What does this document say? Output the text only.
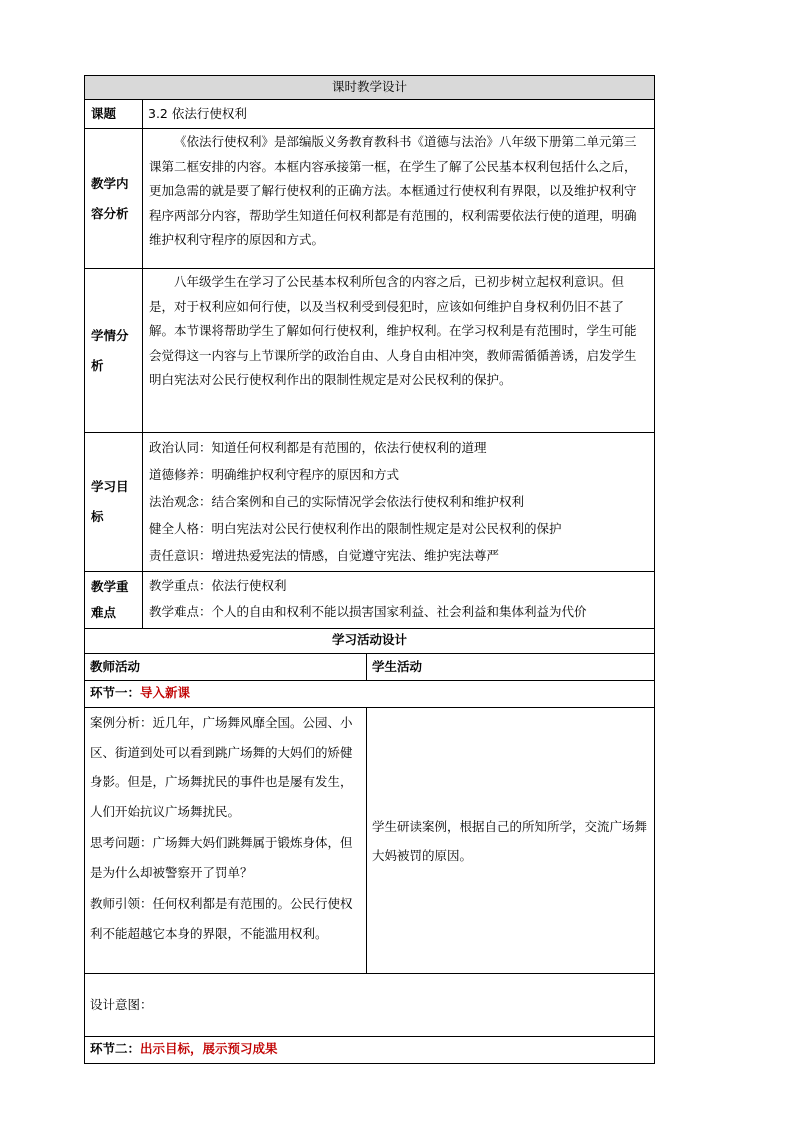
课时教学设计		
课题	3.2 依法行使权利	
教学内容分析	《依法行使权利》是部编版义务教育教科书《道德与法治》八年级下册第二单元第三课第二框安排的内容。本框内容承接第一框，在学生了解了公民基本权利包括什么之后，更加急需的就是要了解行使权利的正确方法。本框通过行使权利有界限，以及维护权利守程序两部分内容，帮助学生知道任何权利都是有范围的，权利需要依法行使的道理，明确维护权利守程序的原因和方式。	
学情分析	八年级学生在学习了公民基本权利所包含的内容之后，已初步树立起权利意识。但是，对于权利应如何行使，以及当权利受到侵犯时，应该如何维护自身权利仍旧不甚了解。本节课将帮助学生了解如何行使权利，维护权利。在学习权利是有范围时，学生可能会觉得这一内容与上节课所学的政治自由、人身自由相冲突，教师需循循善诱，启发学生明白宪法对公民行使权利作出的限制性规定是对公民权利的保护。	
学习目标	政治认同：知道任何权利都是有范围的，依法行使权利的道理
道德修养：明确维护权利守程序的原因和方式
法治观念：结合案例和自己的实际情况学会依法行使权利和维护权利
健全人格：明白宪法对公民行使权利作出的限制性规定是对公民权利的保护
责任意识：增进热爱宪法的情感，自觉遵守宪法、维护宪法尊严	

教学重难点	教学重点：依法行使权利
教学难点：个人的自由和权利不能以损害国家利益、社会利益和集体利益为代价	

学习活动设计		
教师活动		学生活动
环节一：导入新课		

案例分析：近几年，广场舞风靡全国。公园、小区、街道到处可以看到跳广场舞的大妈们的矫健身影。但是，广场舞扰民的事件也是屡有发生，人们开始抗议广场舞扰民。

思考问题：广场舞大妈们跳舞属于锻炼身体，但是为什么却被警察开了罚单？

教师引领：任何权利都是有范围的。公民行使权利不能超越它本身的界限，不能滥用权利。		学生研读案例，根据自己的所知所学，交流广场舞大妈被罚的原因。
设计意图：		
环节二：出示目标，展示预习成果		
